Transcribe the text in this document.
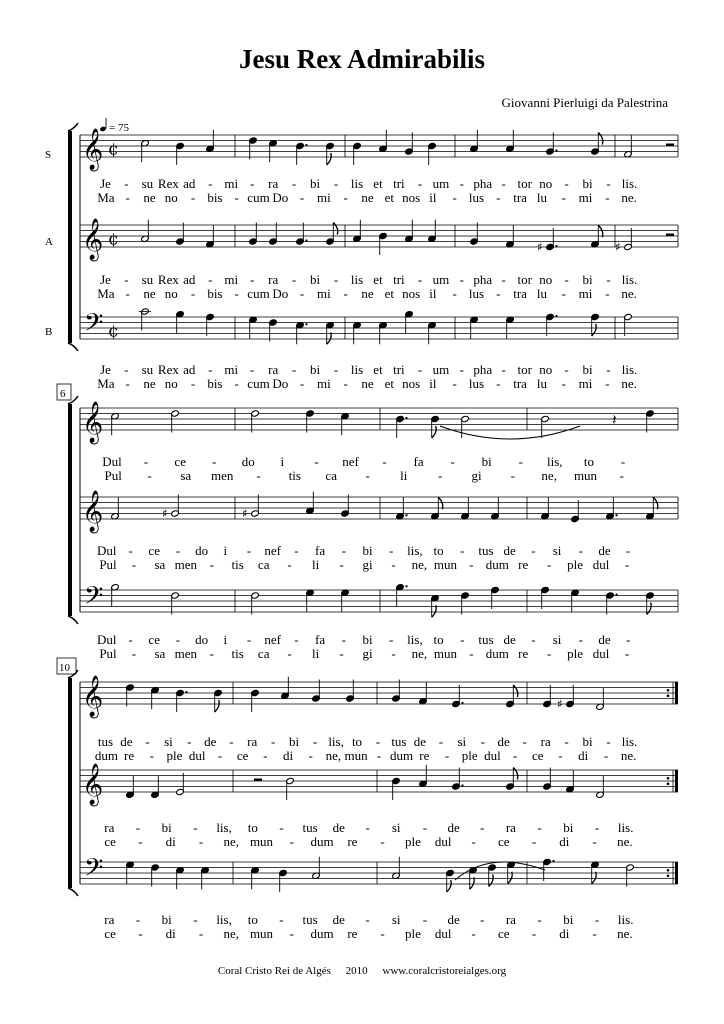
Jesu Rex Admirabilis
Giovanni Pierluigi da Palestrina
= 75
S
A
B
6
10
𝄞 ¢
𝄞 ¢
𝄢 ¢
𝄞
𝄞
𝄢
𝄞
𝄞
𝄢
♯	♯
𝄽
♯	♯
♯
Je - su Rex ad - mi - ra - bi - lis et tri - um - pha - tor no - bi - lis.
Ma - ne no - bis - cum Do - mi - ne et nos il - lus - tra lu - mi - ne.
Je - su Rex ad - mi - ra - bi - lis et tri - um - pha - tor no - bi - lis.
Ma - ne no - bis - cum Do - mi - ne et nos il - lus - tra lu - mi - ne.
Je - su Rex ad - mi - ra - bi - lis et tri - um - pha - tor no - bi - lis.
Ma - ne no - bis - cum Do - mi - ne et nos il - lus - tra lu - mi - ne.
Dul - ce - do i - nef - fa - bi - lis, to -
Pul - sa men - tis ca - li - gi - ne, mun -
Dul - ce - do i - nef - fa - bi - lis, to - tus de - si - de -
Pul - sa men - tis ca - li - gi - ne, mun - dum re - ple dul -
Dul - ce - do i - nef - fa - bi - lis, to - tus de - si - de -
Pul - sa men - tis ca - li - gi - ne, mun - dum re - ple dul -
tus de - si - de - ra - bi - lis, to - tus de - si - de - ra - bi - lis.
dum re - ple dul - ce - di - ne, mun - dum re - ple dul - ce - di - ne.
ra - bi - lis, to - tus de - si - de - ra - bi - lis.
ce - di - ne, mun - dum re - ple dul - ce - di - ne.
ra - bi - lis, to - tus de - si - de - ra - bi - lis.
ce - di - ne, mun - dum re - ple dul - ce - di - ne.
Coral Cristo Rei de Algés 2010 www.coralcristoreialges.org
